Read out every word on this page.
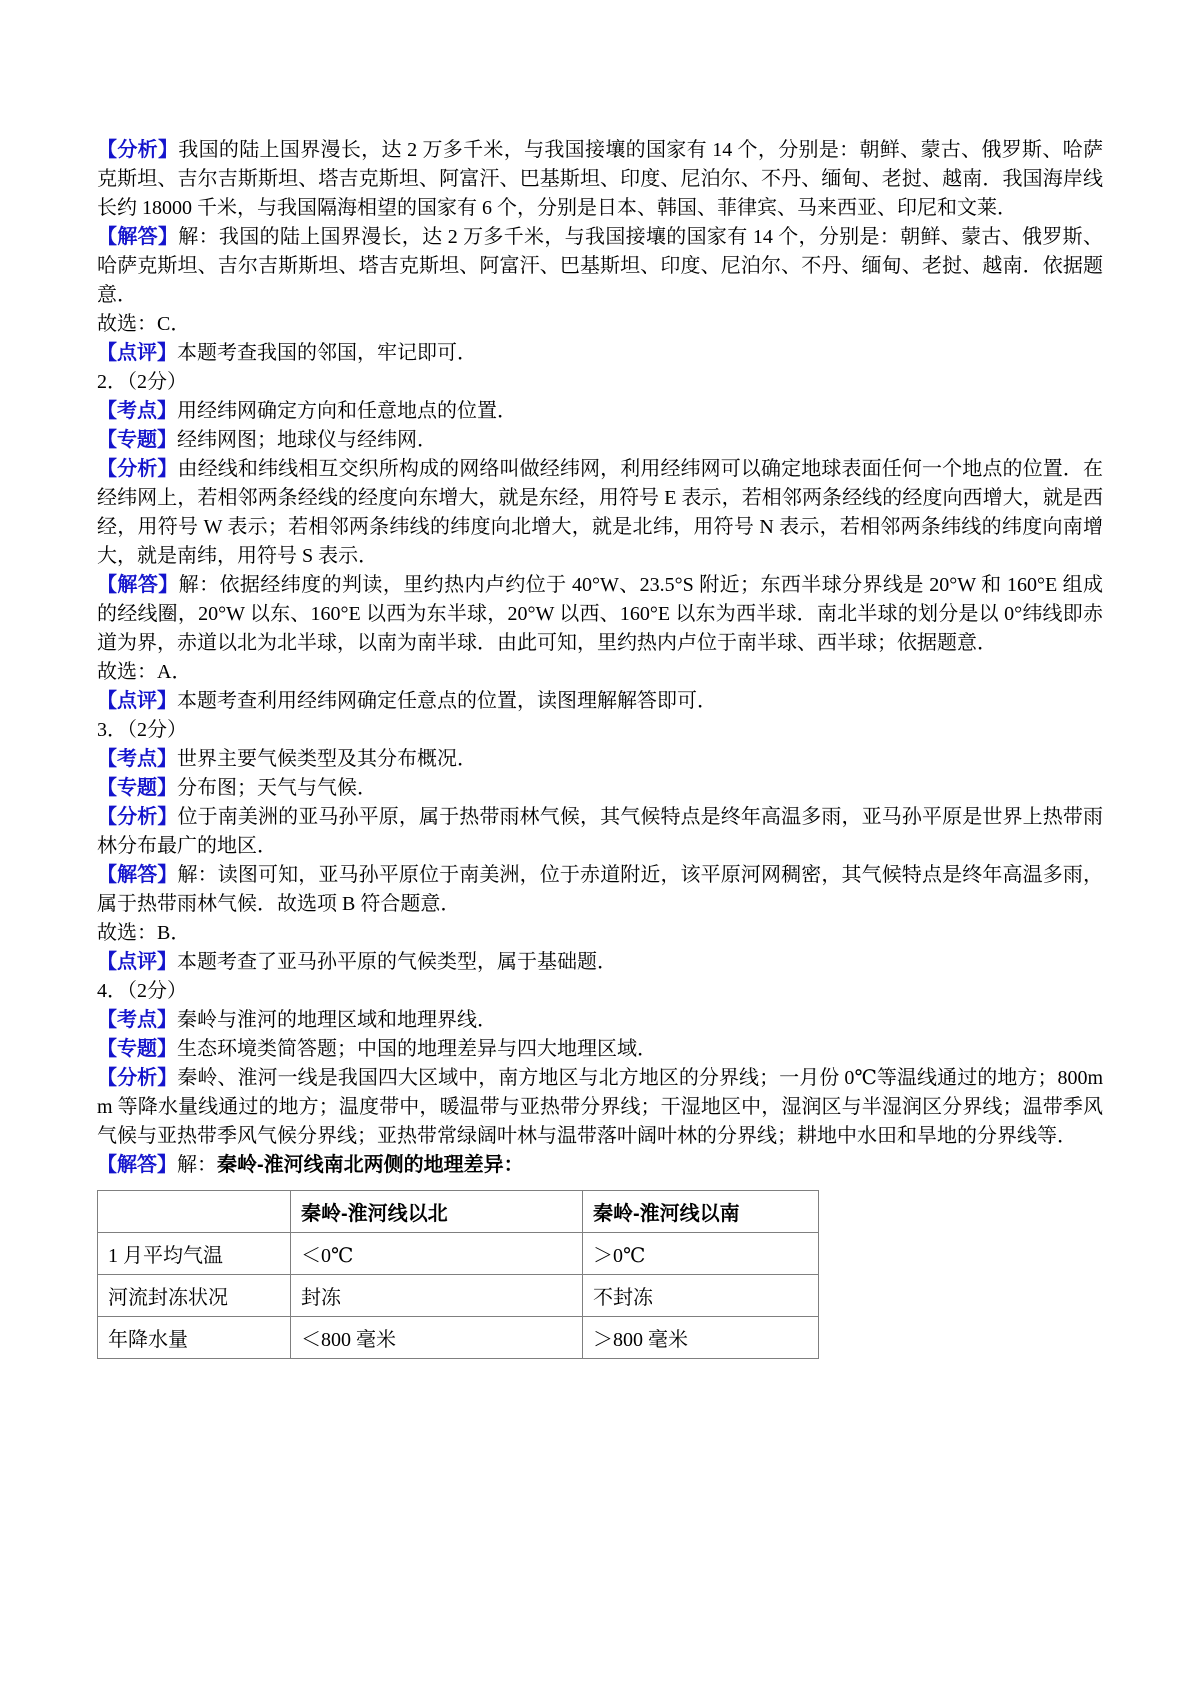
【分析】我国的陆上国界漫长，达 2 万多千米，与我国接壤的国家有 14 个，分别是：朝鲜、蒙古、俄罗斯、哈萨克斯坦、吉尔吉斯斯坦、塔吉克斯坦、阿富汗、巴基斯坦、印度、尼泊尔、不丹、缅甸、老挝、越南．我国海岸线长约 18000 千米，与我国隔海相望的国家有 6 个，分别是日本、韩国、菲律宾、马来西亚、印尼和文莱．

【解答】解：我国的陆上国界漫长，达 2 万多千米，与我国接壤的国家有 14 个，分别是：朝鲜、蒙古、俄罗斯、哈萨克斯坦、吉尔吉斯斯坦、塔吉克斯坦、阿富汗、巴基斯坦、印度、尼泊尔、不丹、缅甸、老挝、越南．依据题意．

故选：C．

【点评】本题考查我国的邻国，牢记即可．

2．（2分）

【考点】用经纬网确定方向和任意地点的位置．

【专题】经纬网图；地球仪与经纬网．

【分析】由经线和纬线相互交织所构成的网络叫做经纬网，利用经纬网可以确定地球表面任何一个地点的位置．在经纬网上，若相邻两条经线的经度向东增大，就是东经，用符号 E 表示，若相邻两条经线的经度向西增大，就是西经，用符号 W 表示；若相邻两条纬线的纬度向北增大，就是北纬，用符号 N 表示，若相邻两条纬线的纬度向南增大，就是南纬，用符号 S 表示．

【解答】解：依据经纬度的判读，里约热内卢约位于 40°W、23.5°S 附近；东西半球分界线是 20°W 和 160°E 组成的经线圈，20°W 以东、160°E 以西为东半球，20°W 以西、160°E 以东为西半球．南北半球的划分是以 0°纬线即赤道为界，赤道以北为北半球，以南为南半球．由此可知，里约热内卢位于南半球、西半球；依据题意．

故选：A．

【点评】本题考查利用经纬网确定任意点的位置，读图理解解答即可．

3．（2分）

【考点】世界主要气候类型及其分布概况．

【专题】分布图；天气与气候．

【分析】位于南美洲的亚马孙平原，属于热带雨林气候，其气候特点是终年高温多雨，亚马孙平原是世界上热带雨林分布最广的地区．

【解答】解：读图可知，亚马孙平原位于南美洲，位于赤道附近，该平原河网稠密，其气候特点是终年高温多雨，属于热带雨林气候．故选项 B 符合题意．

故选：B．

【点评】本题考查了亚马孙平原的气候类型，属于基础题．

4．（2分）

【考点】秦岭与淮河的地理区域和地理界线．

【专题】生态环境类简答题；中国的地理差异与四大地理区域．

【分析】秦岭、淮河一线是我国四大区域中，南方地区与北方地区的分界线；一月份 0℃等温线通过的地方；800mm 等降水量线通过的地方；温度带中，暖温带与亚热带分界线；干湿地区中，湿润区与半湿润区分界线；温带季风气候与亚热带季风气候分界线；亚热带常绿阔叶林与温带落叶阔叶林的分界线；耕地中水田和旱地的分界线等．

【解答】解：秦岭-淮河线南北两侧的地理差异：

	秦岭-淮河线以北	秦岭-淮河线以南
1 月平均气温	＜0℃	＞0℃
河流封冻状况	封冻	不封冻
年降水量	＜800 毫米	＞800 毫米
